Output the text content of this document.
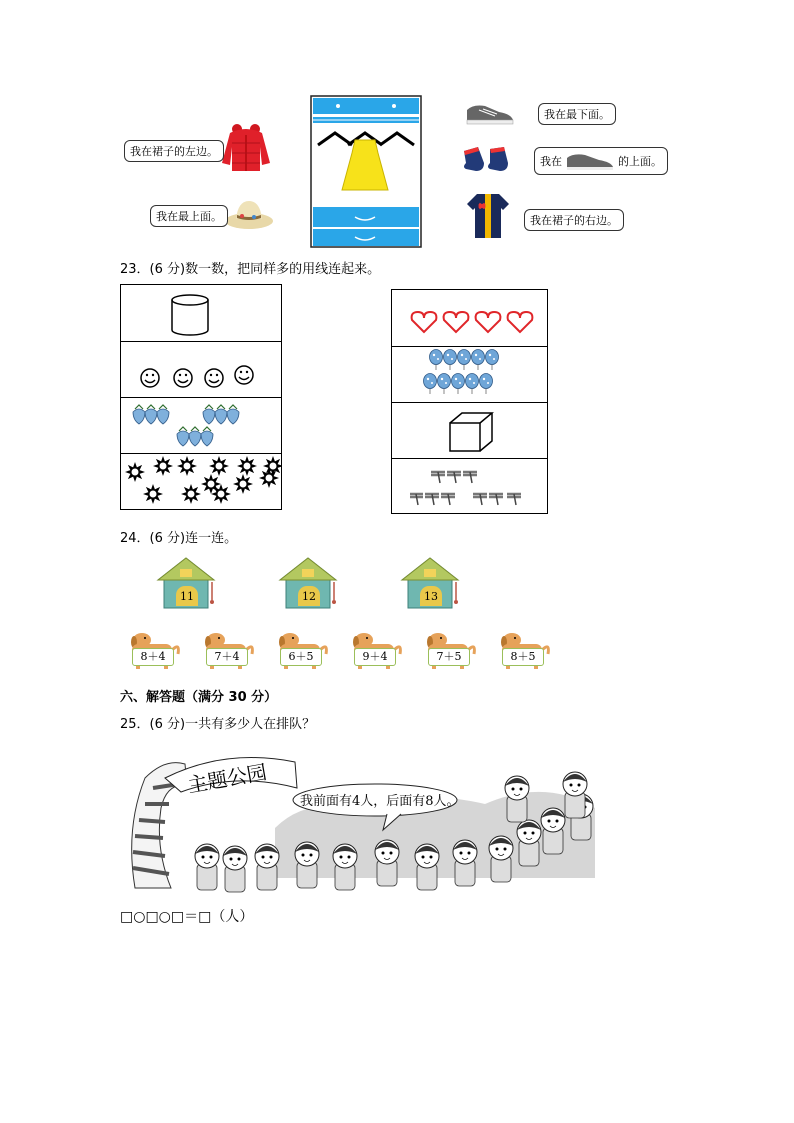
我在裙子的左边。
我在最上面。
我在最下面。
我在	的上面。
我在裙子的右边。
23．(6 分)数一数，把同样多的用线连起来。
24．(6 分)连一连。
11	12	13
8＋4	7＋4	6＋5	9＋4	7＋5	8＋5
六、解答题（满分 30 分）
25．(6 分)一共有多少人在排队？
主题公园
我前面有4人，后面有8人。
□○□○□＝□（人）
